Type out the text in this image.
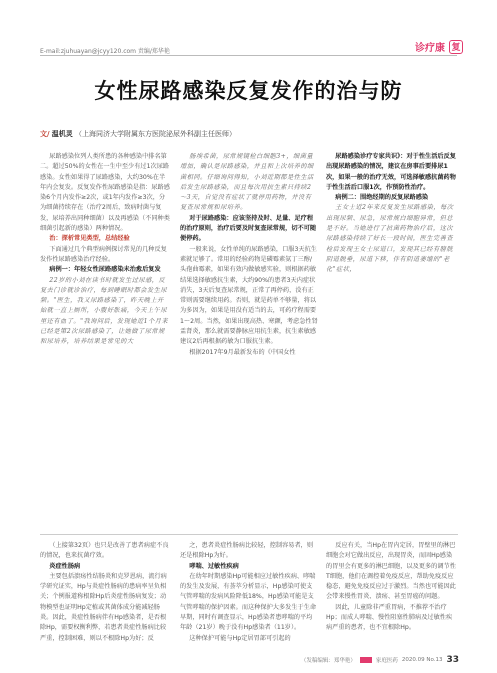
E-mail:zjuhuayan@jcyy120.com 责编/郑华艳	诊疗康 复
女性尿路感染反复发作的治与防
文/ 温机灵 （上海同济大学附属东方医院泌尿外科副主任医师）

尿路感染位列人类所患的各种感染中排名第二。超过50%的女性在一生中至少有过1次尿路感染。女性如果得了尿路感染，大约30%在半年内会复发。反复发作性尿路感染是指：尿路感染6个月内发作≥2次，或1年内发作≥3次，分为细菌持续存在（治疗2周后，致病时菌与复发，尿培养出同种细菌）以及再感染（不同种类细菌引起新的感染）两种情况。

治：探析常见类型，总结经验

下面通过几个典型病例探讨常见的几种反复发作性尿路感染治疗经验。

病例一：年轻女性尿路感染未治愈后复发

22岁的小刘在读书时就发生过尿感，反复去门诊就诊治疗，每到睡眠时都会发生尿频。"医生，我又尿路感染了，昨天晚上开始就一直上厕所，小腹好胀痛，今天上午尿里还有血了。"我询问后，发现她近1个月来已经是第2次尿路感染了，让她做了尿常规和尿培养，培养结果是常见的大

肠埃希菌，尿常规镜检白细胞3+，细菌量增加，确认是尿路感染，并且和上次培养的细菌相同。仔细询问得知，小刘近期都是性生活后发生尿路感染，而且每次用抗生素只持续2～3天，自觉没有症状了就停用药物，并没有复查尿常规和尿培养。

对于尿路感染：应该坚持及时、足量、足疗程的治疗原则，治疗后要及时复查尿常规，切不可随便停药。

一般来说，女性单纯的尿路感染，口服3天抗生素就足够了。常用的经验药物是磷霉素氨丁三醇/头孢曲霉素，如果有效内做敏感实验，则根据药敏结果选择敏感抗生素，大约90%的患者3天内症状消失，3天后复查尿常规，正常了再停药，没有正常则需要继续用药。否则，就是药单不够量，将以为多因为，如果是用没有适当的去，可药疗程需要1～2周。当然，如果出现高热、寒颤，考虑急性肾盂肾炎，那么就需要静脉应用抗生素，抗生素敏感建议2后再根据药敏为口服抗生素。

根据2017年9月最新发布的《中国女性

尿路感染诊疗专家共识》：对于性生活后反复出现尿路感染的情况，建议在房事后要排尿1次，如果一般的治疗无效，可选择敏感抗菌药物于性生活后口服1次，作预防性治疗。

病例二：围绝经期的反复尿路感染

王女士近2年来反复发生尿路感染，每次出现尿频、尿急，尿常规白细胞异常，但总是不好。当她进行了抗菌药物治疗后，这次尿路感染持续了好长一段时间，医生完善查检后发现王女士尿道口，发现其已经有膀胱阴道脱垂，尿道下移，伴有阴道萎缩的"老化"症状，

（上接第32页）也只是改善了患者病症不良的情况，也来抗菌疗效。

炎症性肠病

主要包括溃疡性结肠炎和克罗恩病，流行病学研究证实，Hp与炎症性肠病的患病率呈负相关；个例报道称根除Hp后炎症性肠病复发；动物模型也证明Hp定植或其菌体成分能减轻肠炎。因此，炎症性肠病伴有Hp感染者，是否根除Hp，需要权衡利弊，若患者炎症性肠病比较严重，控制困难，则以不根除Hp为好；反

之，患者炎症性肠病比较轻，控制容易者，则还是根除Hp为好。

哮喘、过敏性疾病

在幼年时期感染Hp可能相应过敏性疾病、哮喘的发生及发展，有荟萃分析显示，Hp感染可使支气管哮喘的发病风险降低18%，Hp感染可能是支气管哮喘的保护因素。而这种保护大多发生于生命早期，同时有调查显示，Hp感染者患哮喘的平均年龄（21岁）晚于没有Hp感染者（11岁）。

这种保护可能与Hp定居胃部可引起的

反应有关，当Hp在胃内定居，胃壁里的淋巴细胞会对它做出反应，出现胃炎，而固Hp感染的胃里会有更多的淋巴细胞，以及更多的调节性T细胞，他们在调控着免疫反应，帮助免疫反应稳态，避免免疫反应过于激烈。当然也可能因此会带来慢性胃炎、溃疡、甚至胃癌的问题。

因此，儿童除非严重胃病，不推荐不治疗Hp；而成人哮喘、慢性阻塞性肺病及过敏性疾病严重的患者，也不宜根除Hp。

（发稿编辑：郑华艳）	家庭医药 2020.09 No.13 33
